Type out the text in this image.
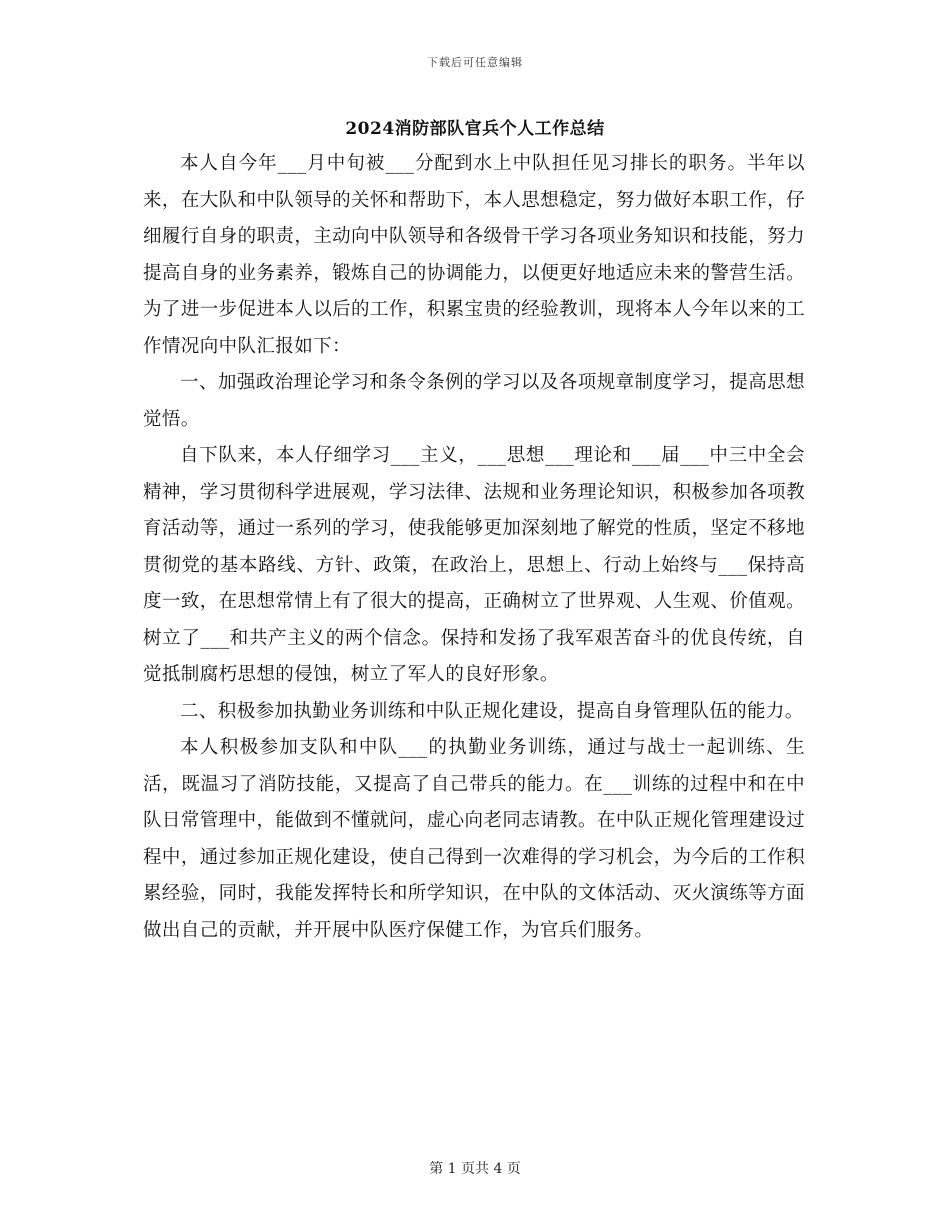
下载后可任意编辑
2024消防部队官兵个人工作总结

本人自今年___月中旬被___分配到水上中队担任见习排长的职务。半年以来，在大队和中队领导的关怀和帮助下，本人思想稳定，努力做好本职工作，仔细履行自身的职责，主动向中队领导和各级骨干学习各项业务知识和技能，努力提高自身的业务素养，锻炼自己的协调能力，以便更好地适应未来的警营生活。为了进一步促进本人以后的工作，积累宝贵的经验教训，现将本人今年以来的工作情况向中队汇报如下：

一、加强政治理论学习和条令条例的学习以及各项规章制度学习，提高思想觉悟。

自下队来，本人仔细学习___主义，___思想___理论和___届___中三中全会精神，学习贯彻科学进展观，学习法律、法规和业务理论知识，积极参加各项教育活动等，通过一系列的学习，使我能够更加深刻地了解党的性质，坚定不移地贯彻党的基本路线、方针、政策，在政治上，思想上、行动上始终与___保持高度一致，在思想常情上有了很大的提高，正确树立了世界观、人生观、价值观。树立了___和共产主义的两个信念。保持和发扬了我军艰苦奋斗的优良传统，自觉抵制腐朽思想的侵蚀，树立了军人的良好形象。

二、积极参加执勤业务训练和中队正规化建设，提高自身管理队伍的能力。

本人积极参加支队和中队___的执勤业务训练，通过与战士一起训练、生活，既温习了消防技能，又提高了自己带兵的能力。在___训练的过程中和在中队日常管理中，能做到不懂就问，虚心向老同志请教。在中队正规化管理建设过程中，通过参加正规化建设，使自己得到一次难得的学习机会，为今后的工作积累经验，同时，我能发挥特长和所学知识，在中队的文体活动、灭火演练等方面做出自己的贡献，并开展中队医疗保健工作，为官兵们服务。

第 1 页共 4 页
